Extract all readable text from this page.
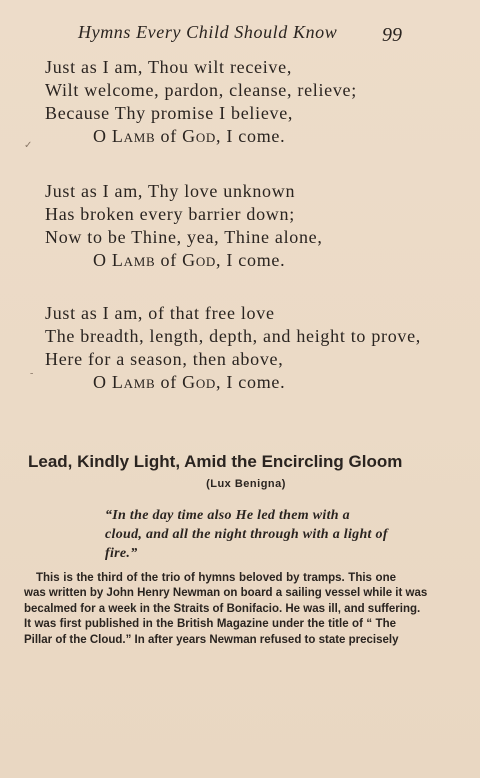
Hymns Every Child Should Know 99
Just as I am, Thou wilt receive,
Wilt welcome, pardon, cleanse, relieve;
Because Thy promise I believe,
O Lamb of God, I come.
Just as I am, Thy love unknown
Has broken every barrier down;
Now to be Thine, yea, Thine alone,
O Lamb of God, I come.
Just as I am, of that free love
The breadth, length, depth, and height to prove,
Here for a season, then above,
O Lamb of God, I come.
✓
‐
Lead, Kindly Light, Amid the Encircling Gloom
(Lux Benigna)
“In the day time also He led them with a
cloud, and all the night through with a light of
fire.”
This is the third of the trio of hymns beloved by tramps. This one
was written by John Henry Newman on board a sailing vessel while it was
becalmed for a week in the Straits of Bonifacio. He was ill, and suffering.
It was first published in the British Magazine under the title of “ The
Pillar of the Cloud.” In after years Newman refused to state precisely
